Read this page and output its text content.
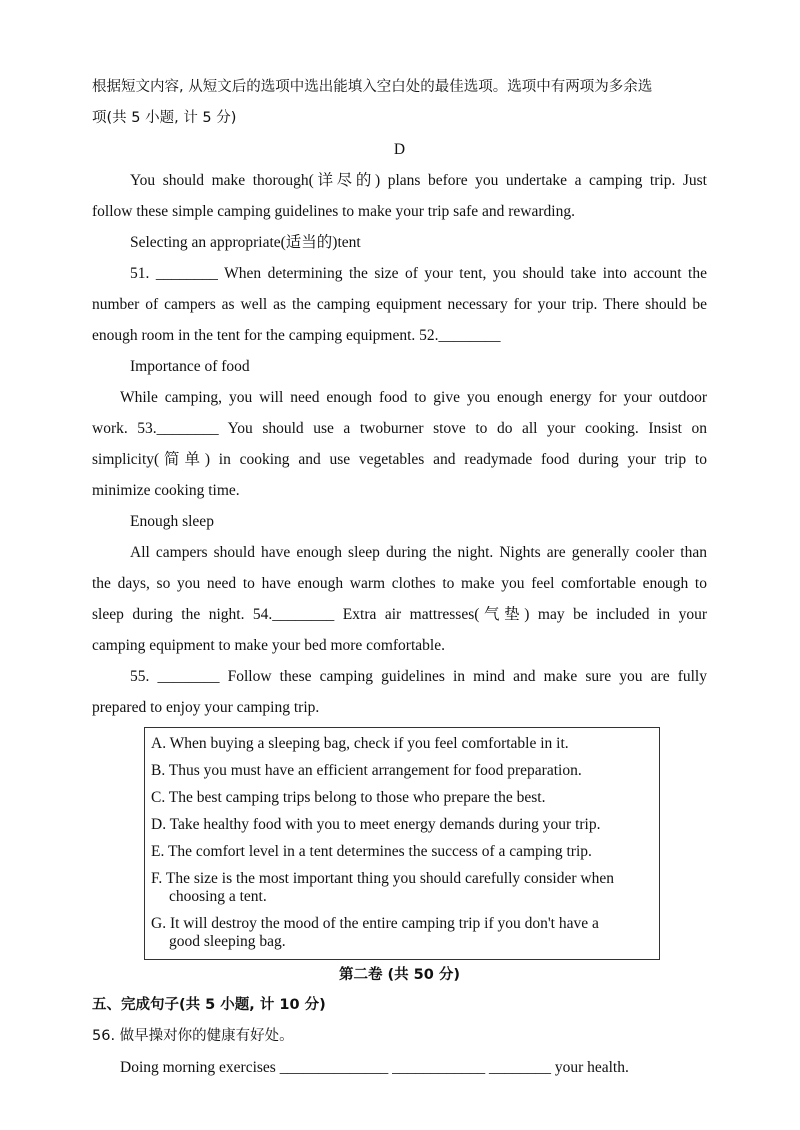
根据短文内容, 从短文后的选项中选出能填入空白处的最佳选项。选项中有两项为多余选
项(共 5 小题, 计 5 分)
D
You should make thorough(详尽的) plans before you undertake a camping trip. Just
follow these simple camping guidelines to make your trip safe and rewarding.
Selecting an appropriate(适当的)tent
51. ________ When determining the size of your tent, you should take into account the
number of campers as well as the camping equipment necessary for your trip. There should be
enough room in the tent for the camping equipment. 52.________
Importance of food
While camping, you will need enough food to give you enough energy for your outdoor
work. 53.________ You should use a twoburner stove to do all your cooking. Insist on
simplicity(简单) in cooking and use vegetables and readymade food during your trip to
minimize cooking time.
Enough sleep
All campers should have enough sleep during the night. Nights are generally cooler than
the days, so you need to have enough warm clothes to make you feel comfortable enough to
sleep during the night. 54.________ Extra air mattresses(气垫) may be included in your
camping equipment to make your bed more comfortable.
55. ________ Follow these camping guidelines in mind and make sure you are fully
prepared to enjoy your camping trip.
A. When buying a sleeping bag, check if you feel comfortable in it.
B. Thus you must have an efficient arrangement for food preparation.
C. The best camping trips belong to those who prepare the best.
D. Take healthy food with you to meet energy demands during your trip.
E. The comfort level in a tent determines the success of a camping trip.
F. The size is the most important thing you should carefully consider when
choosing a tent.
G. It will destroy the mood of the entire camping trip if you don't have a
good sleeping bag.
第二卷 (共 50 分)
五、完成句子(共 5 小题, 计 10 分)
56. 做早操对你的健康有好处。
Doing morning exercises ______________ ____________ ________ your health.
